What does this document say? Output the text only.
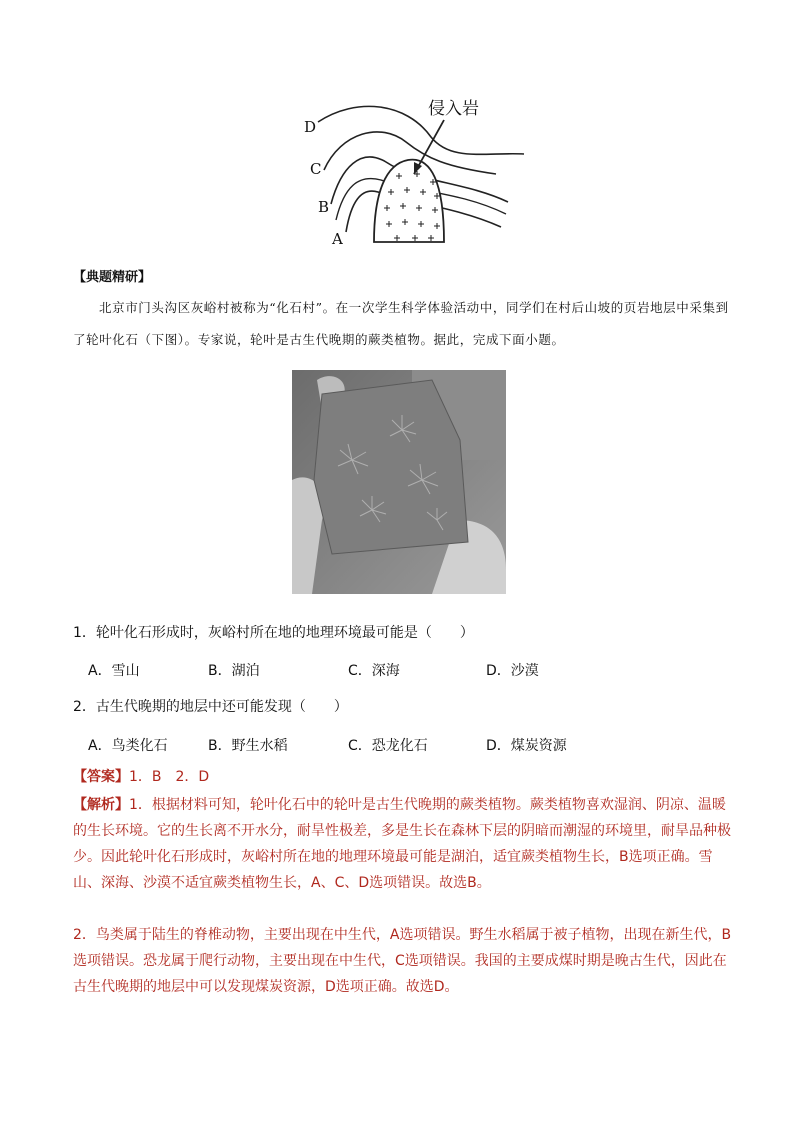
侵入岩
D
C
B
A
【典题精研】
北京市门头沟区灰峪村被称为“化石村”。在一次学生科学体验活动中，同学们在村后山坡的页岩地层中采集到了轮叶化石（下图）。专家说，轮叶是古生代晚期的蕨类植物。据此，完成下面小题。
1．轮叶化石形成时，灰峪村所在地的地理环境最可能是（　　）
A．雪山	B．湖泊	C．深海	D．沙漠
2．古生代晚期的地层中还可能发现（　　）
A．鸟类化石	B．野生水稻	C．恐龙化石	D．煤炭资源
【答案】1．B　2．D
【解析】1．根据材料可知，轮叶化石中的轮叶是古生代晚期的蕨类植物。蕨类植物喜欢湿润、阴凉、温暖的生长环境。它的生长离不开水分，耐旱性极差，多是生长在森林下层的阴暗而潮湿的环境里，耐旱品种极少。因此轮叶化石形成时，灰峪村所在地的地理环境最可能是湖泊，适宜蕨类植物生长，B选项正确。雪山、深海、沙漠不适宜蕨类植物生长，A、C、D选项错误。故选B。
2．鸟类属于陆生的脊椎动物，主要出现在中生代，A选项错误。野生水稻属于被子植物，出现在新生代，B选项错误。恐龙属于爬行动物，主要出现在中生代，C选项错误。我国的主要成煤时期是晚古生代，因此在古生代晚期的地层中可以发现煤炭资源，D选项正确。故选D。
